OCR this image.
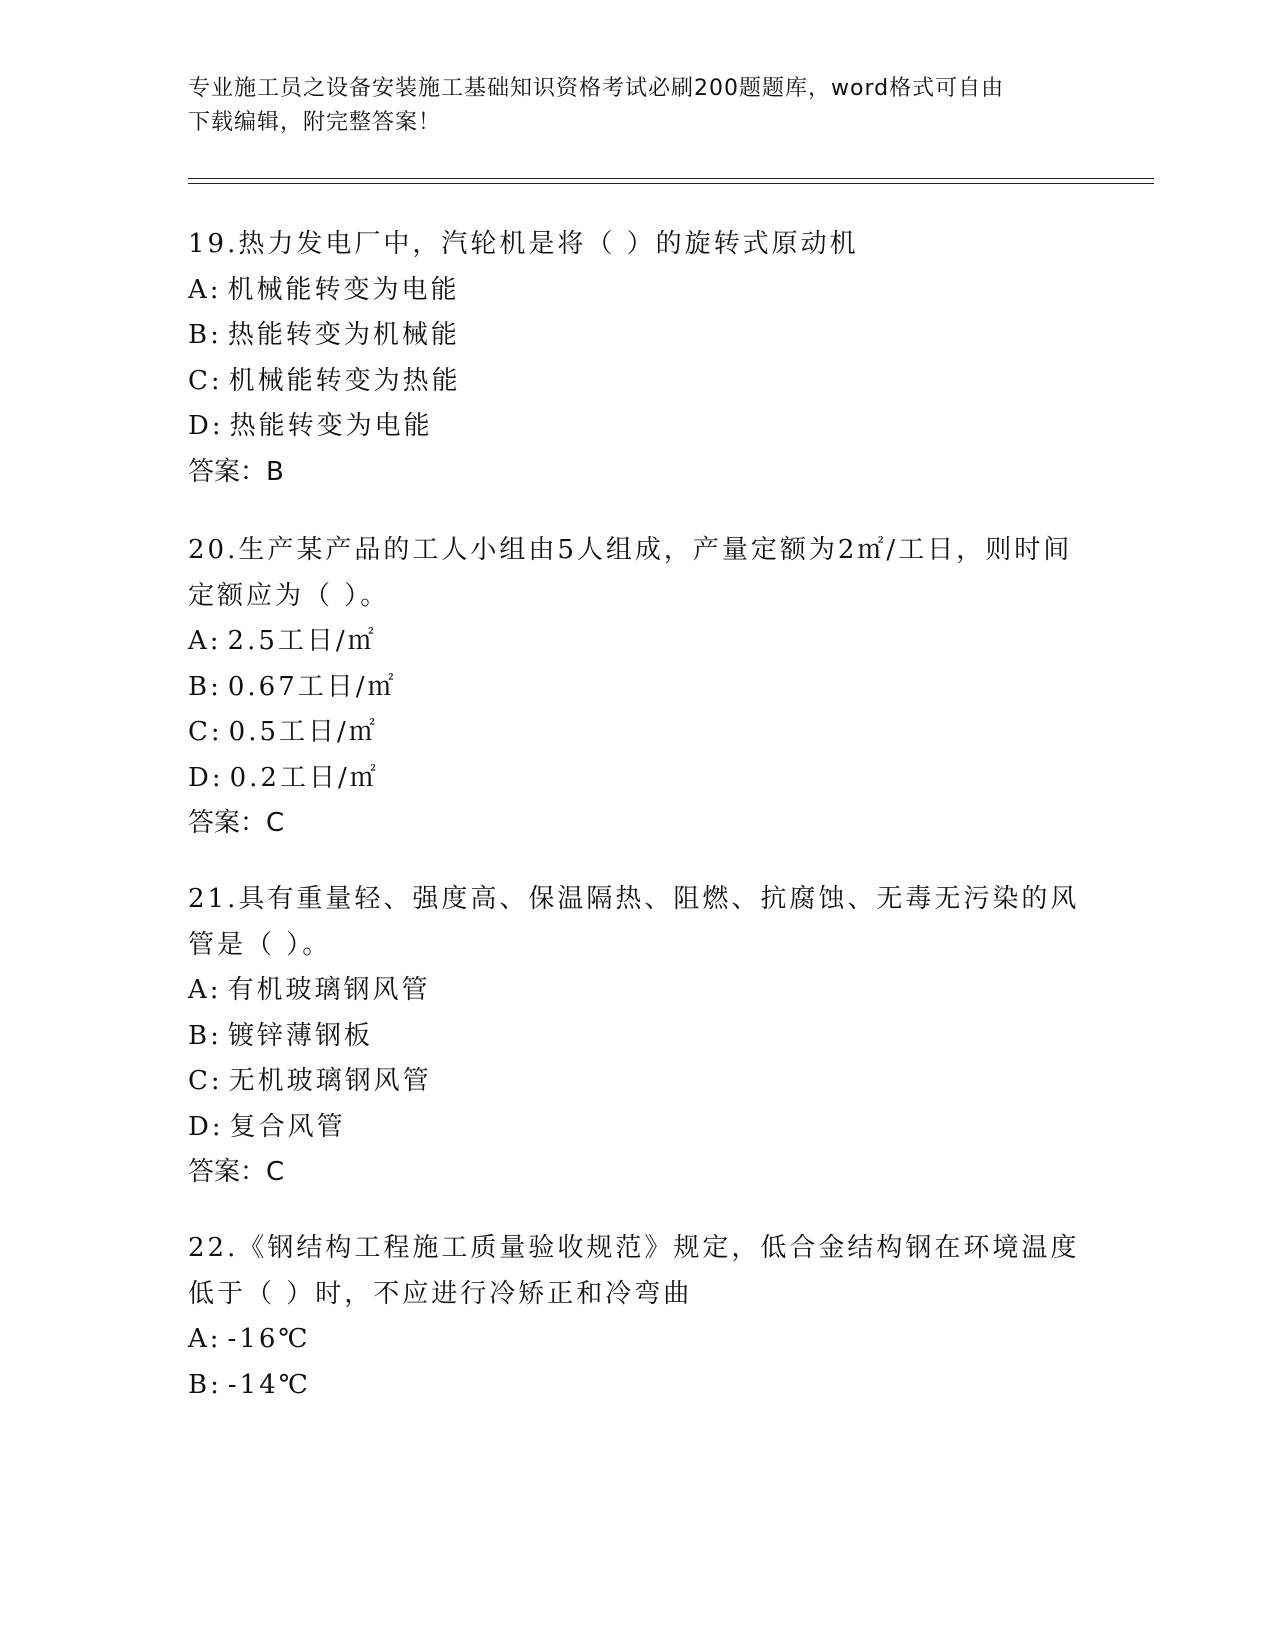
专业施工员之设备安装施工基础知识资格考试必刷200题题库，word格式可自由
下载编辑，附完整答案！
19.热力发电厂中，汽轮机是将（ ）的旋转式原动机
A: 机械能转变为电能
B: 热能转变为机械能
C: 机械能转变为热能
D: 热能转变为电能
答案：B
20.生产某产品的工人小组由5人组成，产量定额为2㎡/工日，则时间
定额应为（ ）。
A: 2.5工日/㎡
B: 0.67工日/㎡
C: 0.5工日/㎡
D: 0.2工日/㎡
答案：C
21.具有重量轻、强度高、保温隔热、阻燃、抗腐蚀、无毒无污染的风
管是（ ）。
A: 有机玻璃钢风管
B: 镀锌薄钢板
C: 无机玻璃钢风管
D: 复合风管
答案：C
22.《钢结构工程施工质量验收规范》规定，低合金结构钢在环境温度
低于（ ）时，不应进行冷矫正和冷弯曲
A: -16℃
B: -14℃
